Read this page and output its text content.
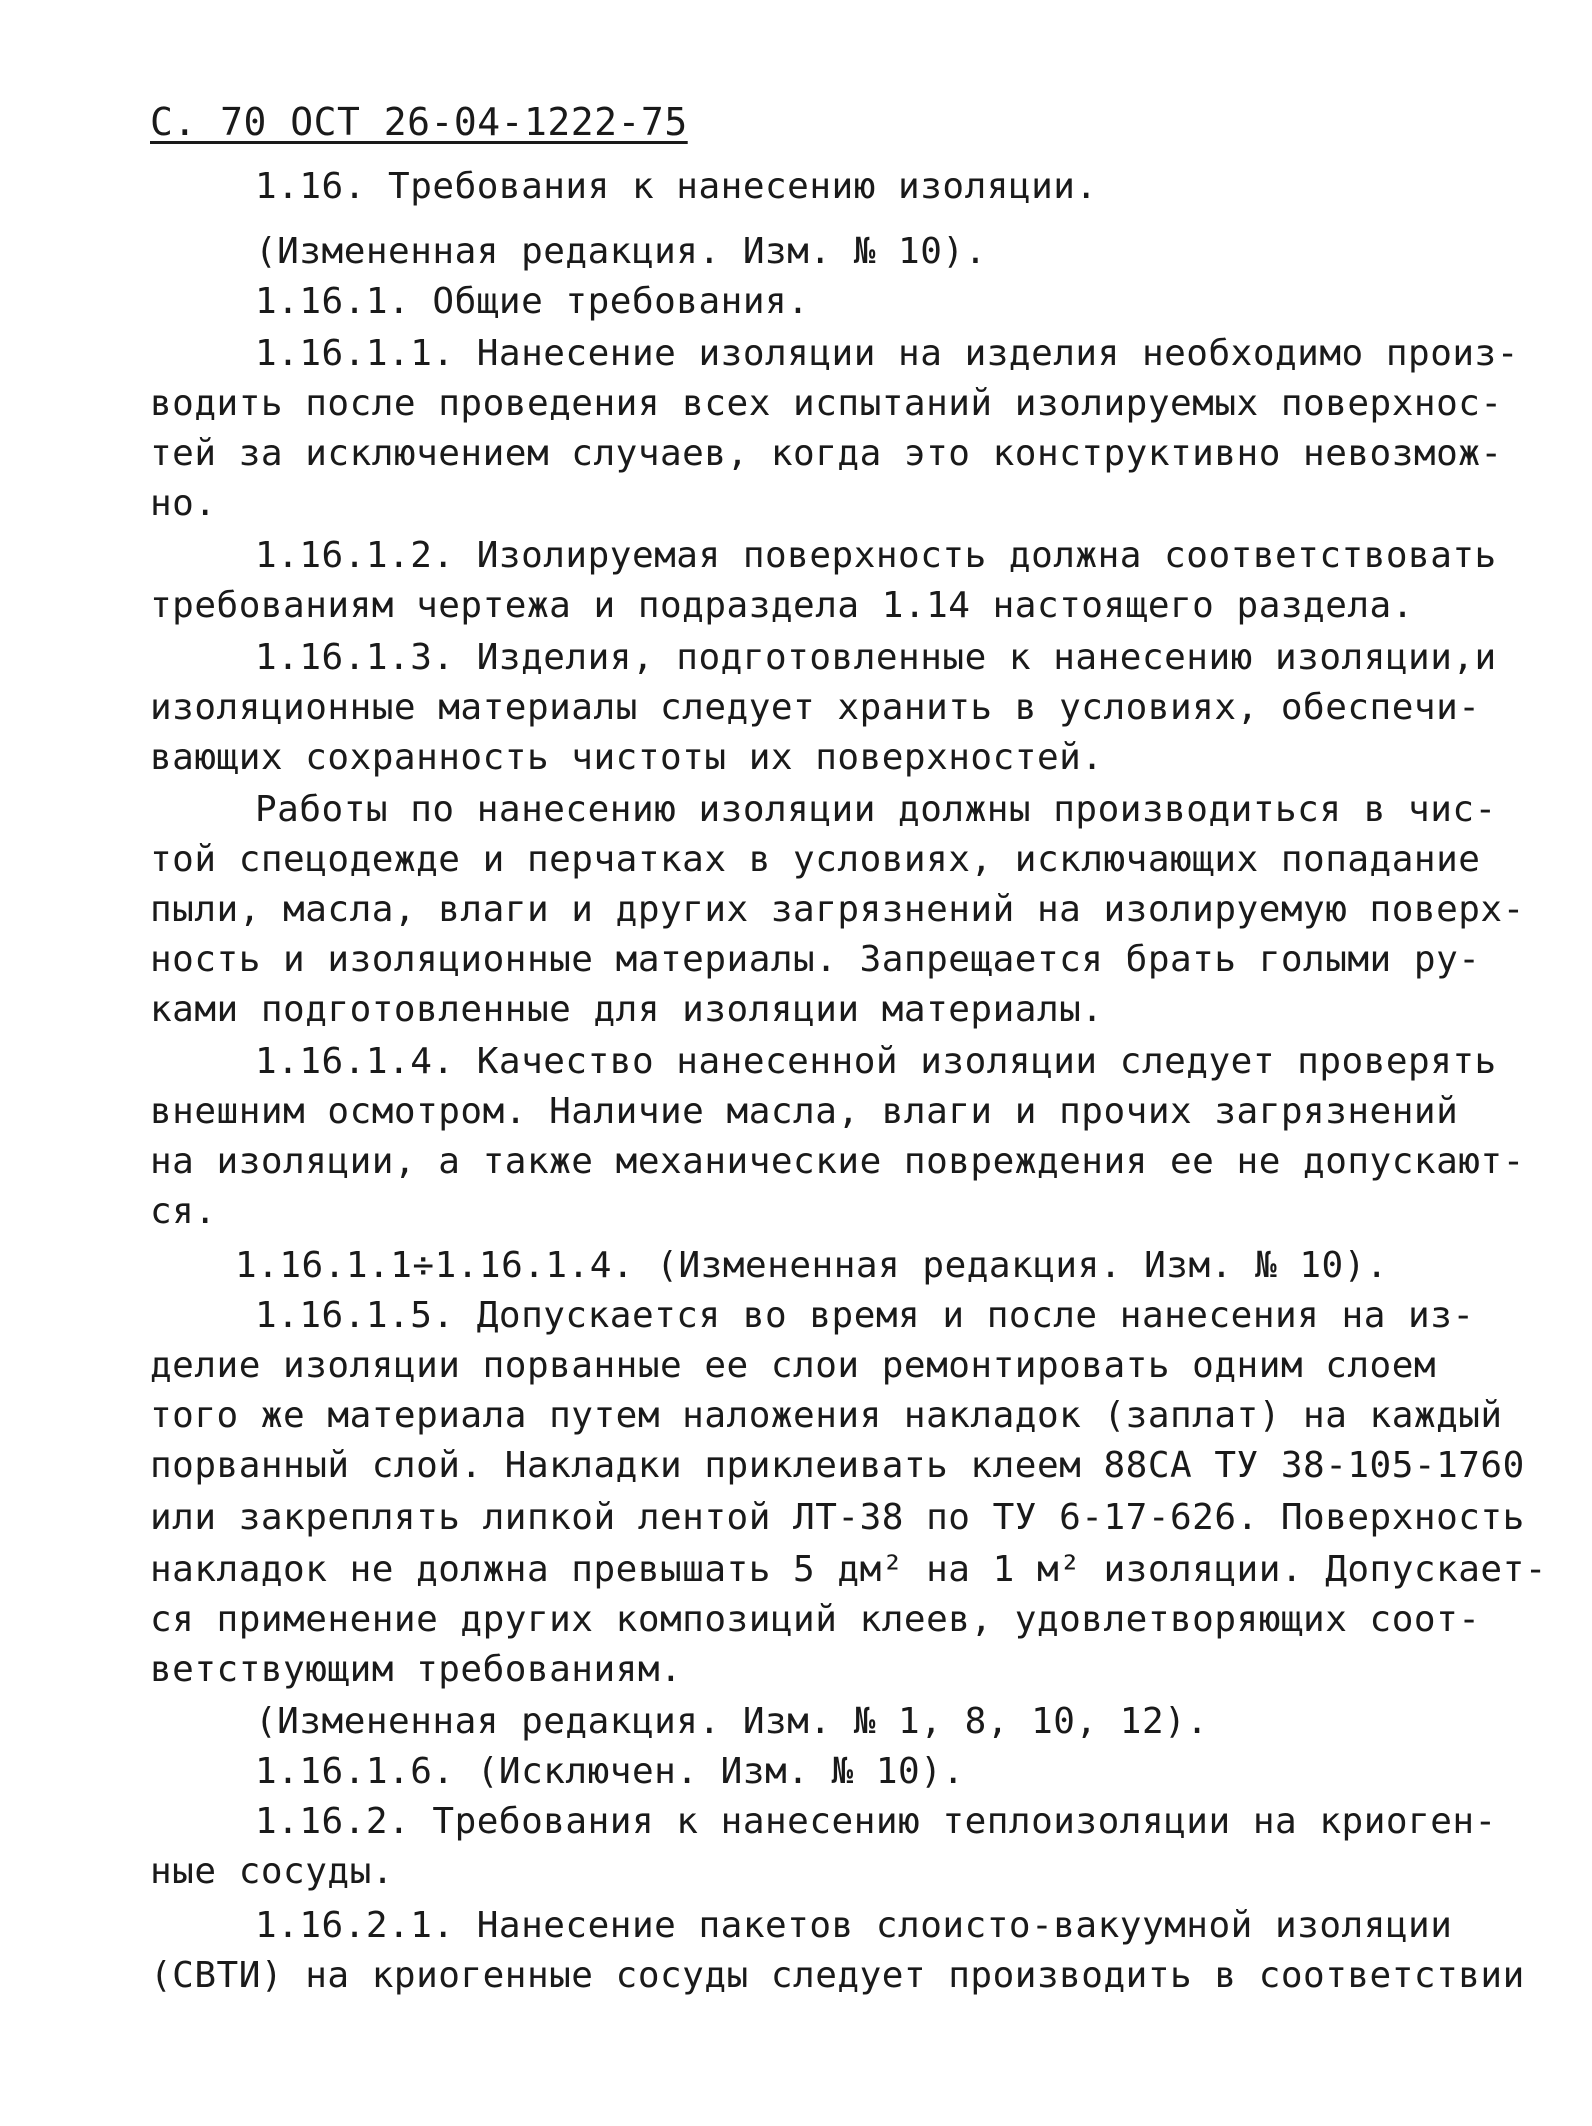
С. 70 ОСТ 26-04-1222-75
1.16. Требования к нанесению изоляции.
(Измененная редакция. Изм. № 10).
1.16.1. Общие требования.
1.16.1.1. Нанесение изоляции на изделия необходимо произ-
водить после проведения всех испытаний изолируемых поверхнос-
тей за исключением случаев, когда это конструктивно невозмож-
но.
1.16.1.2. Изолируемая поверхность должна соответствовать
требованиям чертежа и подраздела 1.14 настоящего раздела.
1.16.1.3. Изделия, подготовленные к нанесению изоляции,и
изоляционные материалы следует хранить в условиях, обеспечи-
вающих сохранность чистоты их поверхностей.
Работы по нанесению изоляции должны производиться в чис-
той спецодежде и перчатках в условиях, исключающих попадание
пыли, масла, влаги и других загрязнений на изолируемую поверх-
ность и изоляционные материалы. Запрещается брать голыми ру-
ками подготовленные для изоляции материалы.
1.16.1.4. Качество нанесенной изоляции следует проверять
внешним осмотром. Наличие масла, влаги и прочих загрязнений
на изоляции, а также механические повреждения ее не допускают-
ся.
1.16.1.1÷1.16.1.4. (Измененная редакция. Изм. № 10).
1.16.1.5. Допускается во время и после нанесения на из-
делие изоляции порванные ее слои ремонтировать одним слоем
того же материала путем наложения накладок (заплат) на каждый
порванный слой. Накладки приклеивать клеем 88СА ТУ 38-105-1760
или закреплять липкой лентой ЛТ-38 по ТУ 6-17-626. Поверхность
накладок не должна превышать 5 дм² на 1 м² изоляции. Допускает-
ся применение других композиций клеев, удовлетворяющих соот-
ветствующим требованиям.
(Измененная редакция. Изм. № 1, 8, 10, 12).
1.16.1.6. (Исключен. Изм. № 10).
1.16.2. Требования к нанесению теплоизоляции на криоген-
ные сосуды.
1.16.2.1. Нанесение пакетов слоисто-вакуумной изоляции
(СВТИ) на криогенные сосуды следует производить в соответствии
